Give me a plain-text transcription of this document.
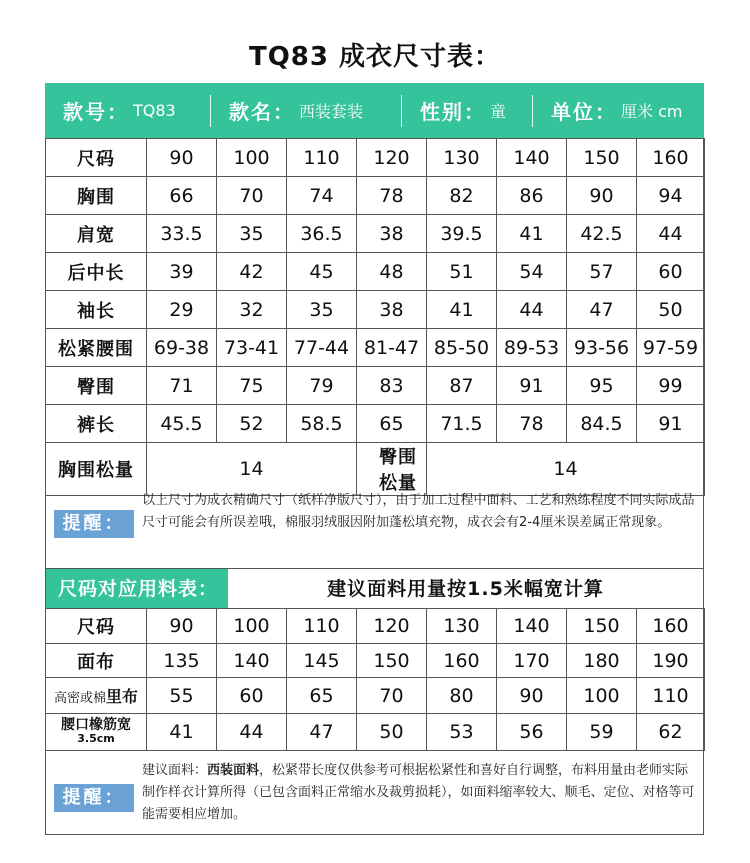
TQ83 成衣尺寸表：
款号： TQ83	款名： 西装套装	性别： 童 单位： 厘米 cm
尺码	90	100	110	120	130	140	150	160
胸围	66	70	74	78	82	86	90	94
肩宽	33.5	35	36.5	38	39.5	41	42.5	44
后中长	39	42	45	48	51	54	57	60
袖长	29	32	35	38	41	44	47	50
松紧腰围	69-38	73-41	77-44	81-47	85-50	89-53	93-56	97-59
臀围	71	75	79	83	87	91	95	99
裤长	45.5	52	58.5	65	71.5	78	84.5	91
胸围松量	14			臀围松量	14			
提醒：
以上尺寸为成衣精确尺寸（纸样净版尺寸），由于加工过程中面料、工艺和熟练程度不同实际成品尺寸可能会有所误差哦，棉服羽绒服因附加蓬松填充物，成衣会有2-4厘米误差属正常现象。
尺码对应用料表：	建议面料用量按1.5米幅宽计算
尺码	90	100	110	120	130	140	150	160
面布	135	140	145	150	160	170	180	190
高密或棉里布	55	60	65	70	80	90	100	110

腰口橡筋宽
3.5cm	41	44	47	50	53	56	59	62
提醒：
建议面料：西装面料，松紧带长度仅供参考可根据松紧性和喜好自行调整，布料用量由老师实际制作样衣计算所得（已包含面料正常缩水及裁剪损耗），如面料缩率较大、顺毛、定位、对格等可能需要相应增加。
